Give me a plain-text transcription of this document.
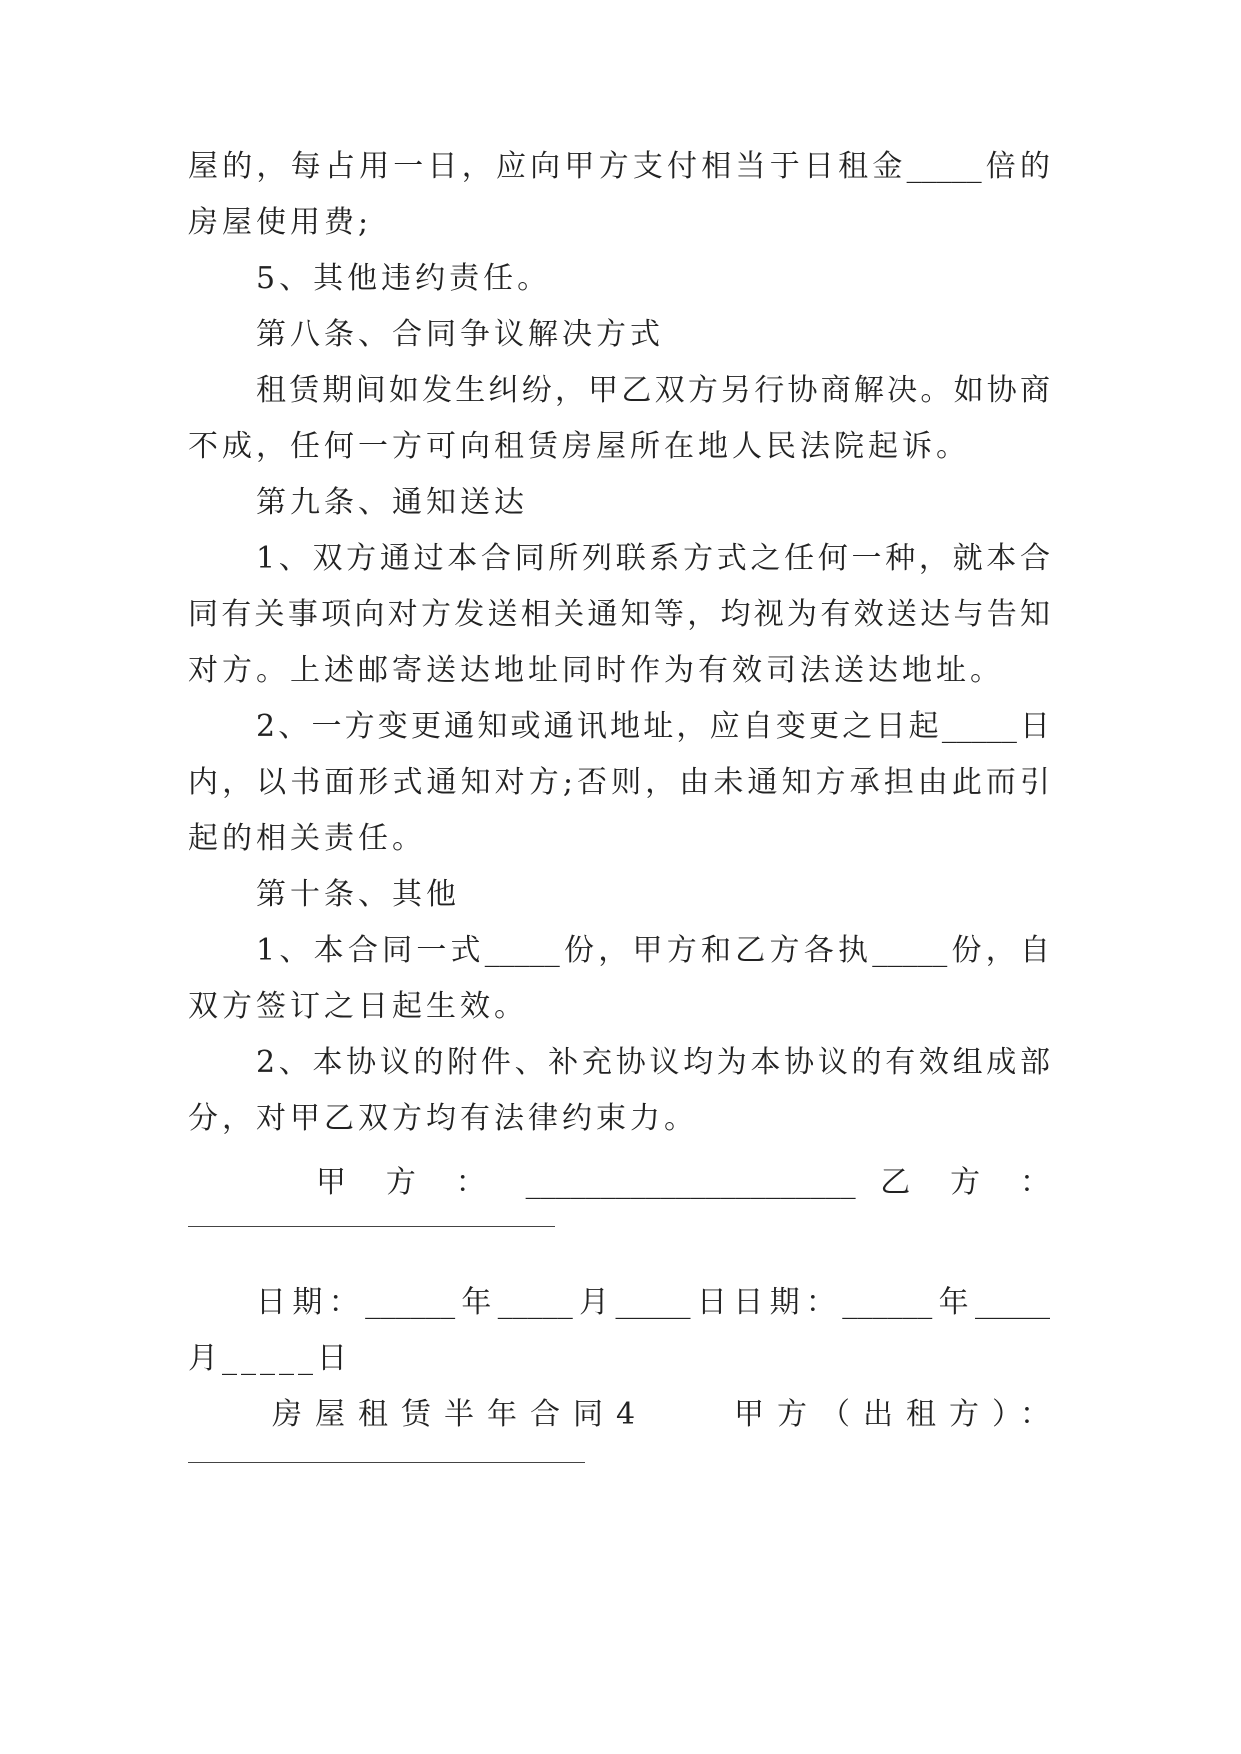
屋的，每占用一日，应向甲方支付相当于日租金_____倍的
房屋使用费;
5、其他违约责任。
第八条、合同争议解决方式
租赁期间如发生纠纷，甲乙双方另行协商解决。如协商
不成，任何一方可向租赁房屋所在地人民法院起诉。
第九条、通知送达
1、双方通过本合同所列联系方式之任何一种，就本合
同有关事项向对方发送相关通知等，均视为有效送达与告知
对方。上述邮寄送达地址同时作为有效司法送达地址。
2、一方变更通知或通讯地址，应自变更之日起_____日
内，以书面形式通知对方;否则，由未通知方承担由此而引
起的相关责任。
第十条、其他
1、本合同一式_____份，甲方和乙方各执_____份，自
双方签订之日起生效。
2、本协议的附件、补充协议均为本协议的有效组成部
分，对甲乙双方均有法律约束力。
甲 方 ： ______________________ 乙 方 ：
日期：______年_____月_____日日期：______年_____
月_____日
房屋租赁半年合同4　　甲方（出租方）：
